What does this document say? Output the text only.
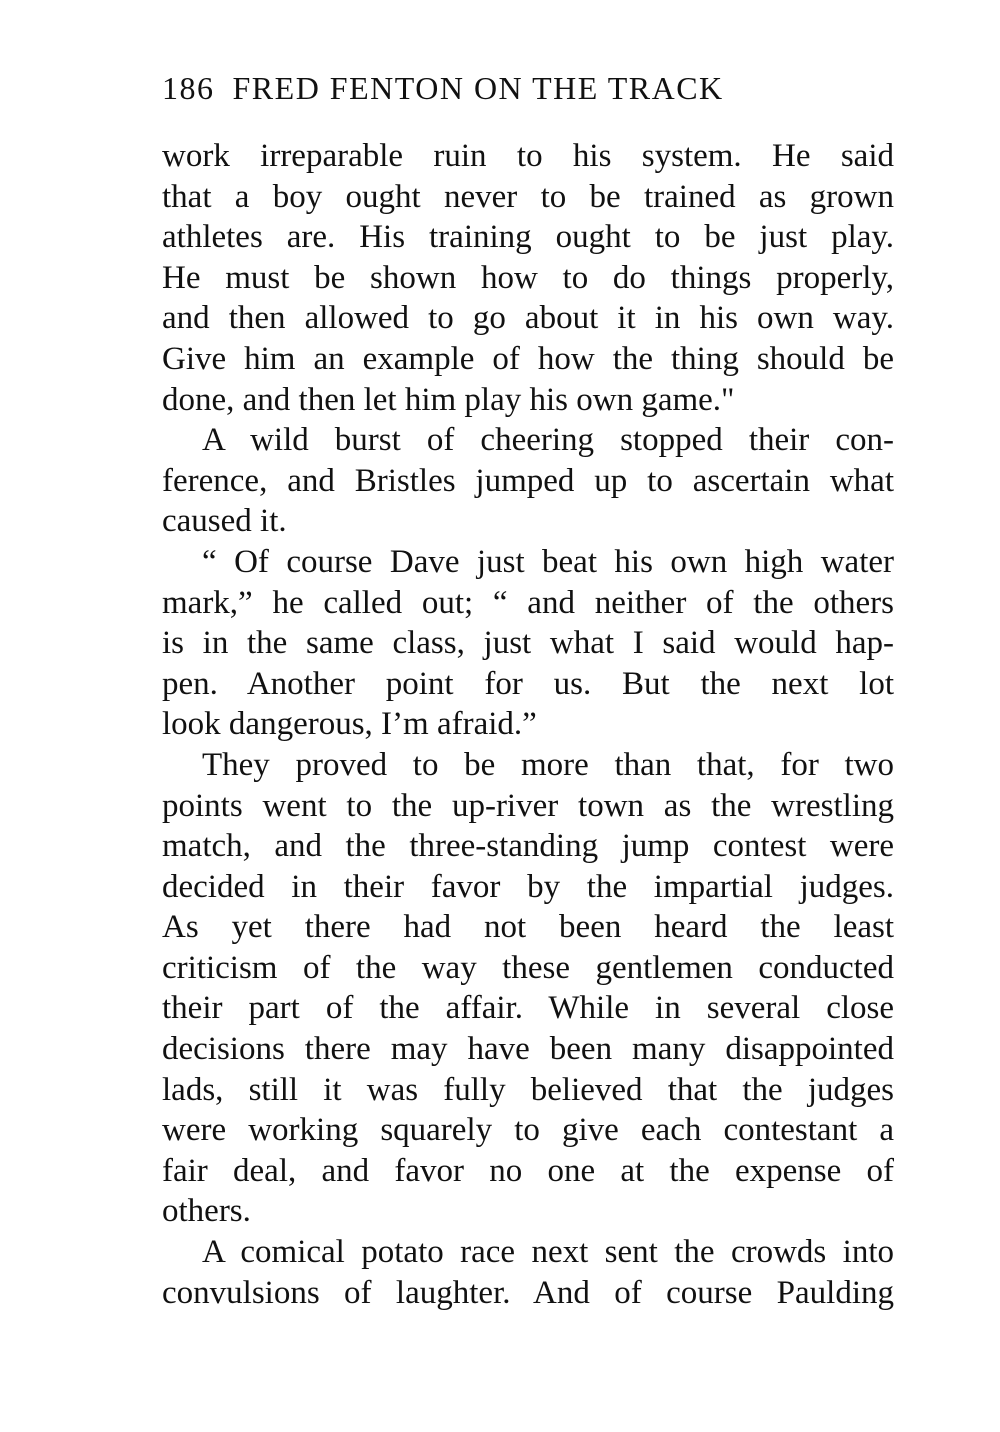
186 FRED FENTON ON THE TRACK
work irreparable ruin to his system. He said
that a boy ought never to be trained as grown
athletes are. His training ought to be just play.
He must be shown how to do things properly,
and then allowed to go about it in his own way.
Give him an example of how the thing should be
done, and then let him play his own game."
A wild burst of cheering stopped their con-
ference, and Bristles jumped up to ascertain what
caused it.
“ Of course Dave just beat his own high water
mark,” he called out; “ and neither of the others
is in the same class, just what I said would hap-
pen. Another point for us. But the next lot
look dangerous, I’m afraid.”
They proved to be more than that, for two
points went to the up-river town as the wrestling
match, and the three-standing jump contest were
decided in their favor by the impartial judges.
As yet there had not been heard the least
criticism of the way these gentlemen conducted
their part of the affair. While in several close
decisions there may have been many disappointed
lads, still it was fully believed that the judges
were working squarely to give each contestant a
fair deal, and favor no one at the expense of
others.
A comical potato race next sent the crowds into
convulsions of laughter. And of course Paulding
